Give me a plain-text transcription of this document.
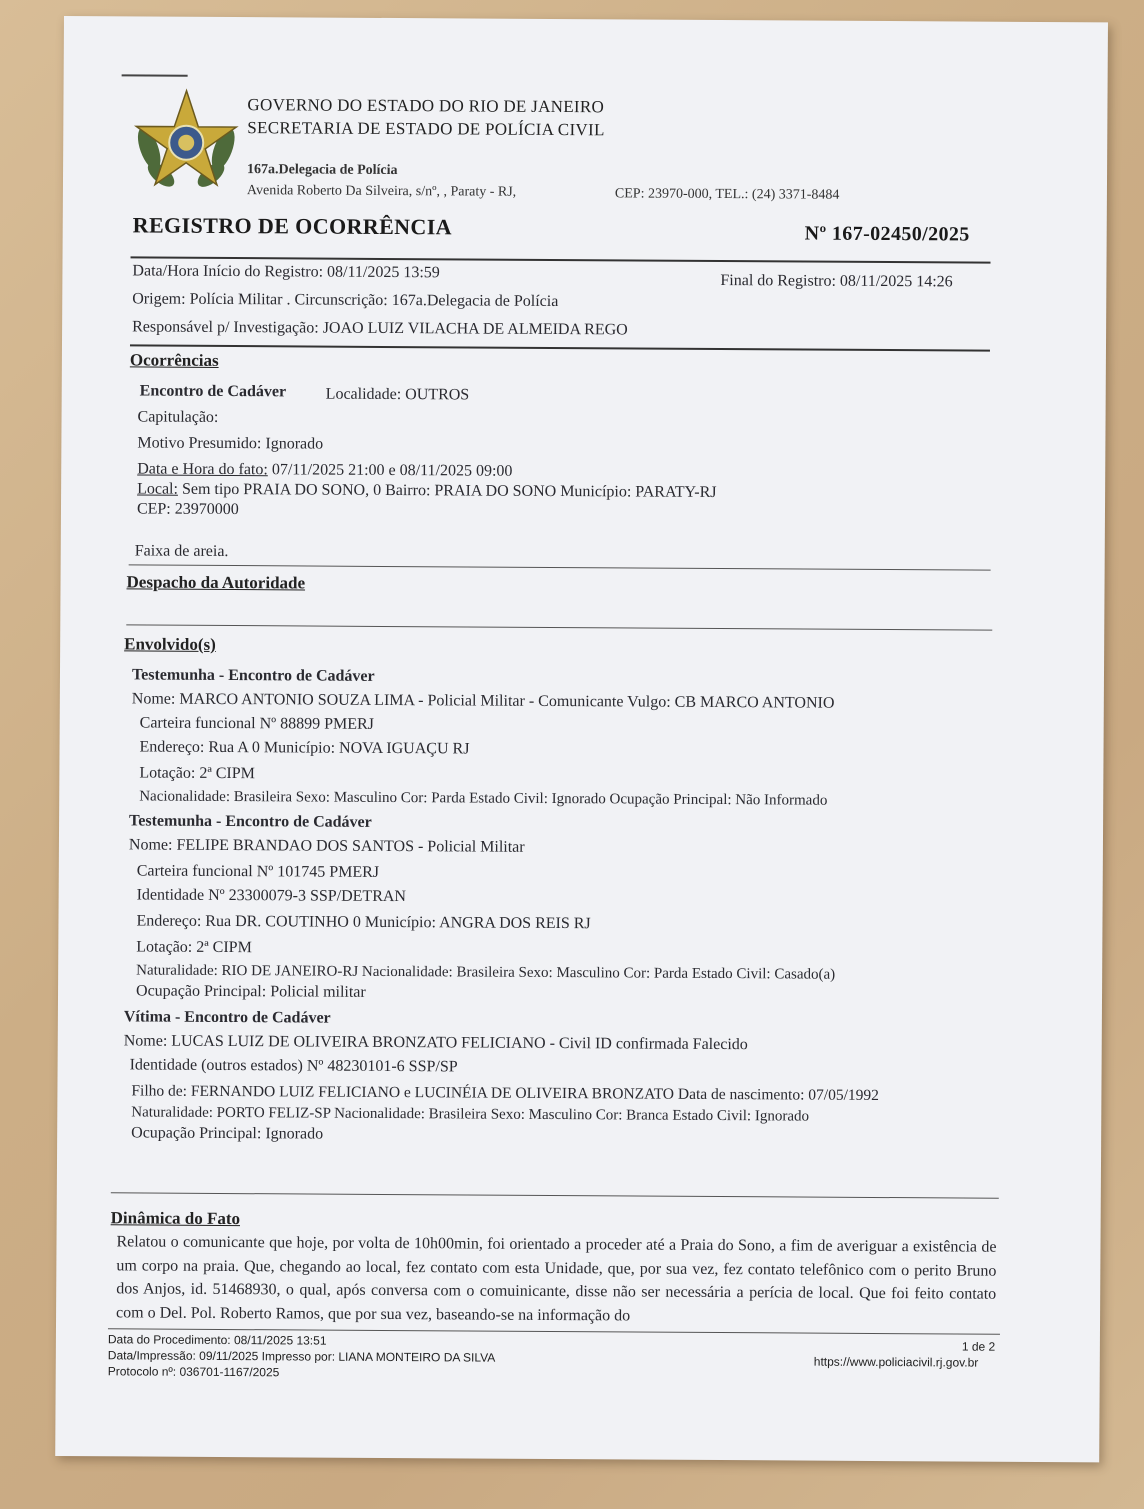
GOVERNO DO ESTADO DO RIO DE JANEIRO
SECRETARIA DE ESTADO DE POLÍCIA CIVIL
167a.Delegacia de Polícia
Avenida Roberto Da Silveira, s/nº, , Paraty - RJ,	CEP: 23970-000, TEL.: (24) 3371-8484
REGISTRO DE OCORRÊNCIA	Nº 167-02450/2025
Data/Hora Início do Registro: 08/11/2025 13:59	Final do Registro: 08/11/2025 14:26
Origem: Polícia Militar . Circunscrição: 167a.Delegacia de Polícia
Responsável p/ Investigação: JOAO LUIZ VILACHA DE ALMEIDA REGO
Ocorrências
Encontro de Cadáver Localidade: OUTROS
Capitulação:
Motivo Presumido: Ignorado
Data e Hora do fato: 07/11/2025 21:00 e 08/11/2025 09:00
Local: Sem tipo PRAIA DO SONO, 0 Bairro: PRAIA DO SONO Município: PARATY-RJ
CEP: 23970000
Faixa de areia.
Despacho da Autoridade
Envolvido(s)
Testemunha - Encontro de Cadáver
Nome: MARCO ANTONIO SOUZA LIMA - Policial Militar - Comunicante Vulgo: CB MARCO ANTONIO
Carteira funcional Nº 88899 PMERJ
Endereço: Rua A 0 Município: NOVA IGUAÇU RJ
Lotação: 2ª CIPM
Nacionalidade: Brasileira Sexo: Masculino Cor: Parda Estado Civil: Ignorado Ocupação Principal: Não Informado
Testemunha - Encontro de Cadáver
Nome: FELIPE BRANDAO DOS SANTOS - Policial Militar
Carteira funcional Nº 101745 PMERJ
Identidade Nº 23300079-3 SSP/DETRAN
Endereço: Rua DR. COUTINHO 0 Município: ANGRA DOS REIS RJ
Lotação: 2ª CIPM
Naturalidade: RIO DE JANEIRO-RJ Nacionalidade: Brasileira Sexo: Masculino Cor: Parda Estado Civil: Casado(a)
Ocupação Principal: Policial militar
Vítima - Encontro de Cadáver
Nome: LUCAS LUIZ DE OLIVEIRA BRONZATO FELICIANO - Civil ID confirmada Falecido
Identidade (outros estados) Nº 48230101-6 SSP/SP
Filho de: FERNANDO LUIZ FELICIANO e LUCINÉIA DE OLIVEIRA BRONZATO Data de nascimento: 07/05/1992
Naturalidade: PORTO FELIZ-SP Nacionalidade: Brasileira Sexo: Masculino Cor: Branca Estado Civil: Ignorado
Ocupação Principal: Ignorado
Dinâmica do Fato
Relatou o comunicante que hoje, por volta de 10h00min, foi orientado a proceder até a Praia do Sono, a fim de averiguar a existência de um corpo na praia. Que, chegando ao local, fez contato com esta Unidade, que, por sua vez, fez contato telefônico com o perito Bruno dos Anjos, id. 51468930, o qual, após conversa com o comuinicante, disse não ser necessária a perícia de local. Que foi feito contato com o Del. Pol. Roberto Ramos, que por sua vez, baseando-se na informação do
Data do Procedimento: 08/11/2025 13:51
Data/Impressão: 09/11/2025 Impresso por: LIANA MONTEIRO DA SILVA
Protocolo nº: 036701-1167/2025
1 de 2
https://www.policiacivil.rj.gov.br
